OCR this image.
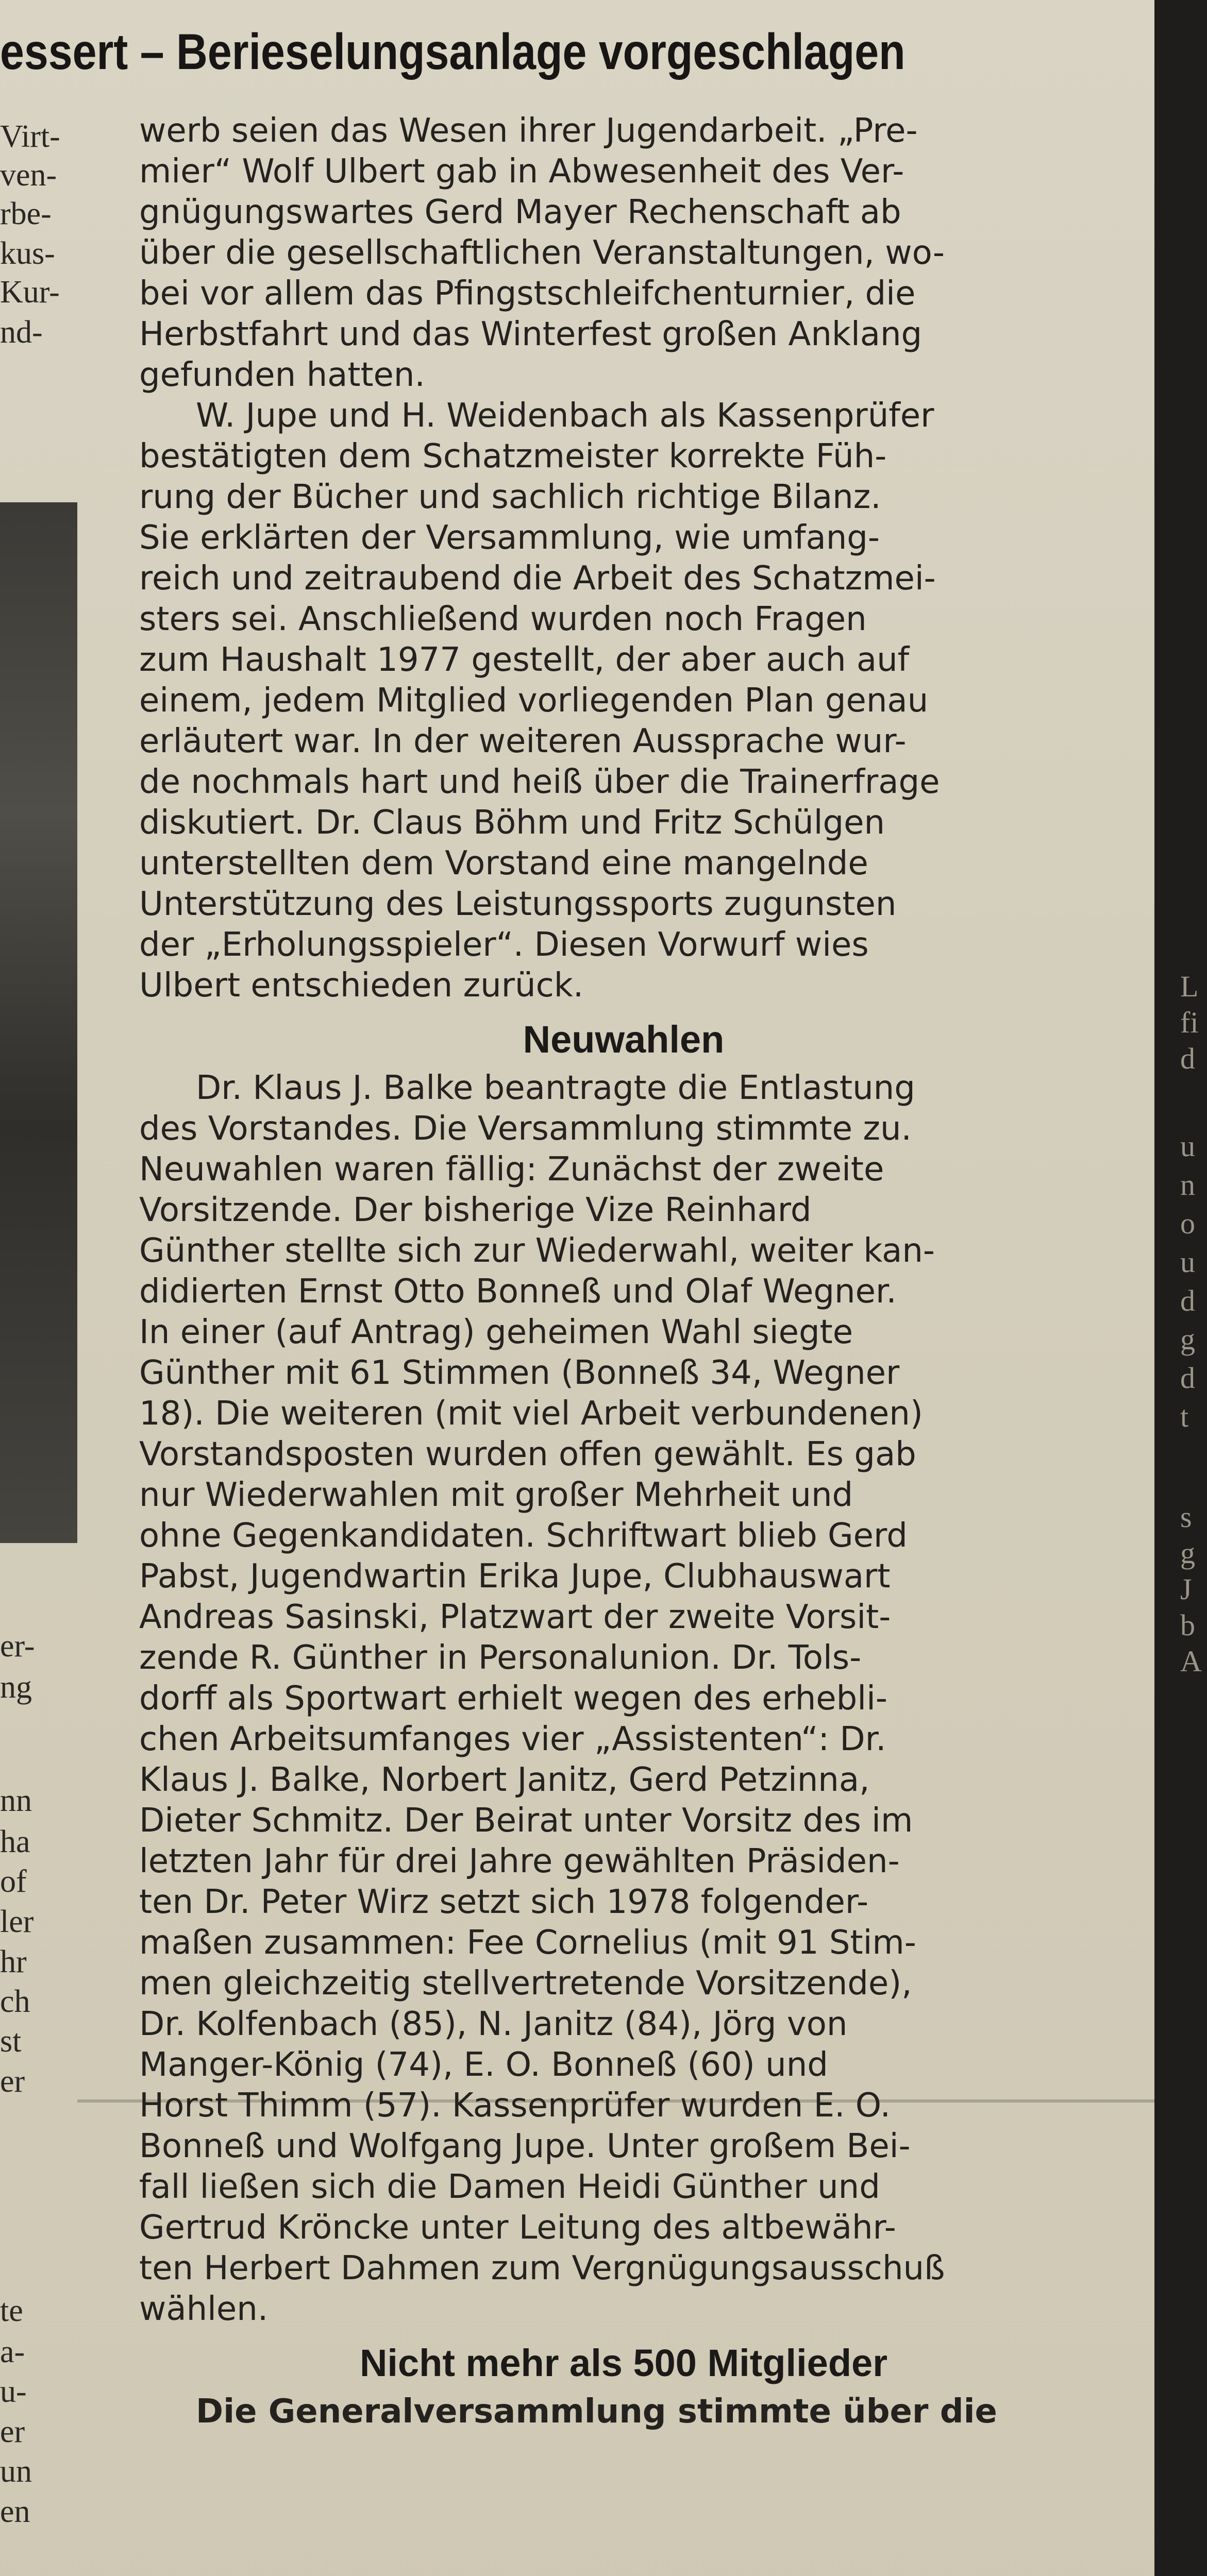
essert – Berieselungsanlage vorgeschlagen
Virt-
ven-
rbe-
kus-
Kur-
nd-
er-
ng
nn
ha
of
ler
hr
ch
st
er
te
a-
u-
er
un
en
L
fi
d
u
n
o
u
d
g
d
t
s
g
J
b
A
werb seien das Wesen ihrer Jugendarbeit. „Pre-
mier“ Wolf Ulbert gab in Abwesenheit des Ver-
gnügungswartes Gerd Mayer Rechenschaft ab
über die gesellschaftlichen Veranstaltungen, wo-
bei vor allem das Pfingstschleifchenturnier, die
Herbstfahrt und das Winterfest großen Anklang
gefunden hatten.
W. Jupe und H. Weidenbach als Kassenprüfer
bestätigten dem Schatzmeister korrekte Füh-
rung der Bücher und sachlich richtige Bilanz.
Sie erklärten der Versammlung, wie umfang-
reich und zeitraubend die Arbeit des Schatzmei-
sters sei. Anschließend wurden noch Fragen
zum Haushalt 1977 gestellt, der aber auch auf
einem, jedem Mitglied vorliegenden Plan genau
erläutert war. In der weiteren Aussprache wur-
de nochmals hart und heiß über die Trainerfrage
diskutiert. Dr. Claus Böhm und Fritz Schülgen
unterstellten dem Vorstand eine mangelnde
Unterstützung des Leistungssports zugunsten
der „Erholungsspieler“. Diesen Vorwurf wies
Ulbert entschieden zurück.
Neuwahlen
Dr. Klaus J. Balke beantragte die Entlastung
des Vorstandes. Die Versammlung stimmte zu.
Neuwahlen waren fällig: Zunächst der zweite
Vorsitzende. Der bisherige Vize Reinhard
Günther stellte sich zur Wiederwahl, weiter kan-
didierten Ernst Otto Bonneß und Olaf Wegner.
In einer (auf Antrag) geheimen Wahl siegte
Günther mit 61 Stimmen (Bonneß 34, Wegner
18). Die weiteren (mit viel Arbeit verbundenen)
Vorstandsposten wurden offen gewählt. Es gab
nur Wiederwahlen mit großer Mehrheit und
ohne Gegenkandidaten. Schriftwart blieb Gerd
Pabst, Jugendwartin Erika Jupe, Clubhauswart
Andreas Sasinski, Platzwart der zweite Vorsit-
zende R. Günther in Personalunion. Dr. Tols-
dorff als Sportwart erhielt wegen des erhebli-
chen Arbeitsumfanges vier „Assistenten“: Dr.
Klaus J. Balke, Norbert Janitz, Gerd Petzinna,
Dieter Schmitz. Der Beirat unter Vorsitz des im
letzten Jahr für drei Jahre gewählten Präsiden-
ten Dr. Peter Wirz setzt sich 1978 folgender-
maßen zusammen: Fee Cornelius (mit 91 Stim-
men gleichzeitig stellvertretende Vorsitzende),
Dr. Kolfenbach (85), N. Janitz (84), Jörg von
Manger-König (74), E. O. Bonneß (60) und
Horst Thimm (57). Kassenprüfer wurden E. O.
Bonneß und Wolfgang Jupe. Unter großem Bei-
fall ließen sich die Damen Heidi Günther und
Gertrud Kröncke unter Leitung des altbewähr-
ten Herbert Dahmen zum Vergnügungsausschuß
wählen.
Nicht mehr als 500 Mitglieder
Die Generalversammlung stimmte über die
